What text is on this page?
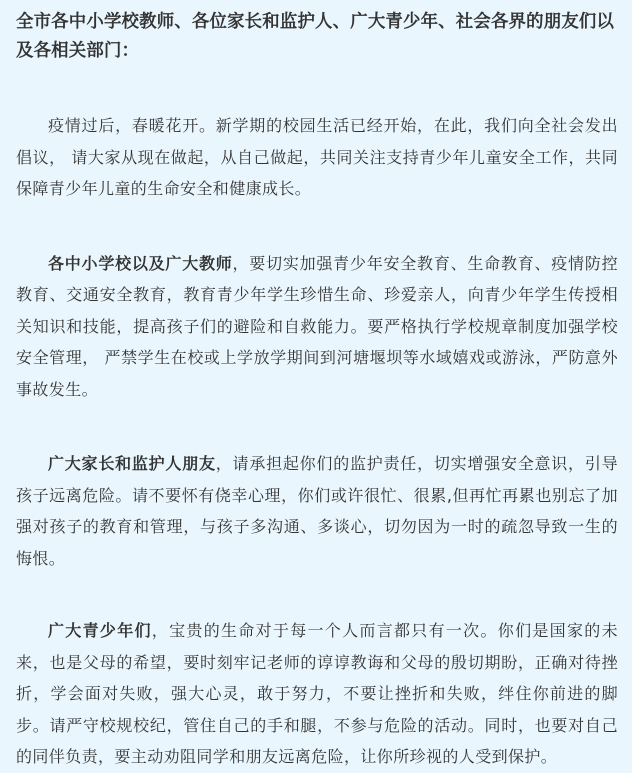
全市各中小学校教师、各位家长和监护人、广大青少年、社会各界的朋友们以及各相关部门：

疫情过后，春暖花开。新学期的校园生活已经开始，在此，我们向全社会发出倡议， 请大家从现在做起，从自己做起，共同关注支持青少年儿童安全工作，共同保障青少年儿童的生命安全和健康成长。

各中小学校以及广大教师，要切实加强青少年安全教育、生命教育、疫情防控教育、交通安全教育，教育青少年学生珍惜生命、珍爱亲人，向青少年学生传授相关知识和技能，提高孩子们的避险和自救能力。要严格执行学校规章制度加强学校安全管理， 严禁学生在校或上学放学期间到河塘堰坝等水域嬉戏或游泳，严防意外事故发生。

广大家长和监护人朋友，请承担起你们的监护责任，切实增强安全意识，引导孩子远离危险。请不要怀有侥幸心理，你们或许很忙、很累,但再忙再累也别忘了加强对孩子的教育和管理，与孩子多沟通、多谈心，切勿因为一时的疏忽导致一生的悔恨。

广大青少年们，宝贵的生命对于每一个人而言都只有一次。你们是国家的未来，也是父母的希望，要时刻牢记老师的谆谆教诲和父母的殷切期盼，正确对待挫折，学会面对失败，强大心灵，敢于努力，不要让挫折和失败，绊住你前进的脚步。请严守校规校纪，管住自己的手和腿，不参与危险的活动。同时，也要对自己的同伴负责，要主动劝阻同学和朋友远离危险，让你所珍视的人受到保护。
